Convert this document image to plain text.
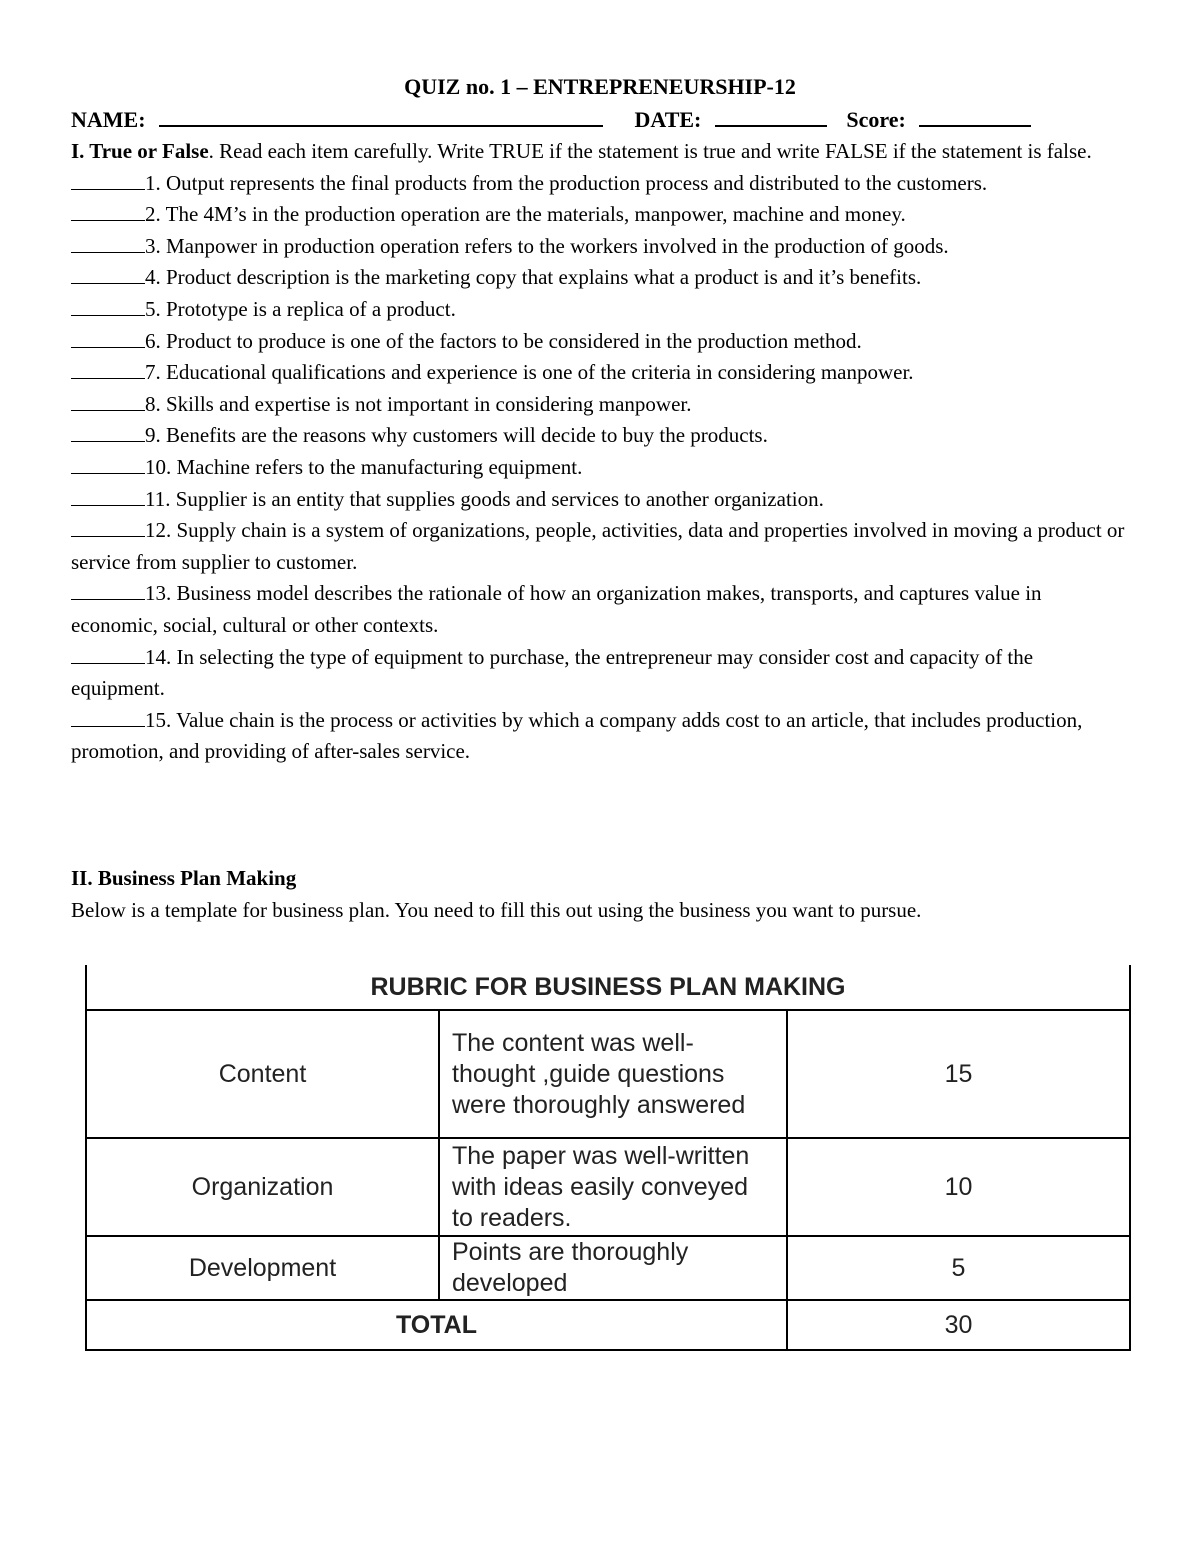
QUIZ no. 1 – ENTREPRENEURSHIP-12
NAME:	DATE:	Score:

I. True or False. Read each item carefully. Write TRUE if the statement is true and write FALSE if the statement is false.

1. Output represents the final products from the production process and distributed to the customers.

2. The 4M’s in the production operation are the materials, manpower, machine and money.

3. Manpower in production operation refers to the workers involved in the production of goods.

4. Product description is the marketing copy that explains what a product is and it’s benefits.

5. Prototype is a replica of a product.

6. Product to produce is one of the factors to be considered in the production method.

7. Educational qualifications and experience is one of the criteria in considering manpower.

8. Skills and expertise is not important in considering manpower.

9. Benefits are the reasons why customers will decide to buy the products.

10. Machine refers to the manufacturing equipment.

11. Supplier is an entity that supplies goods and services to another organization.

12. Supply chain is a system of organizations, people, activities, data and properties involved in moving a product or service from supplier to customer.

13. Business model describes the rationale of how an organization makes, transports, and captures value in economic, social, cultural or other contexts.

14. In selecting the type of equipment to purchase, the entrepreneur may consider cost and capacity of the equipment.

15. Value chain is the process or activities by which a company adds cost to an article, that includes production, promotion, and providing of after-sales service.

II. Business Plan Making

Below is a template for business plan. You need to fill this out using the business you want to pursue.

RUBRIC FOR BUSINESS PLAN MAKING		
Content	The content was well-thought ,guide questions were thoroughly answered	15
Organization	The paper was well-written with ideas easily conveyed to readers.	10
Development	Points are thoroughly developed	5
TOTAL		30
